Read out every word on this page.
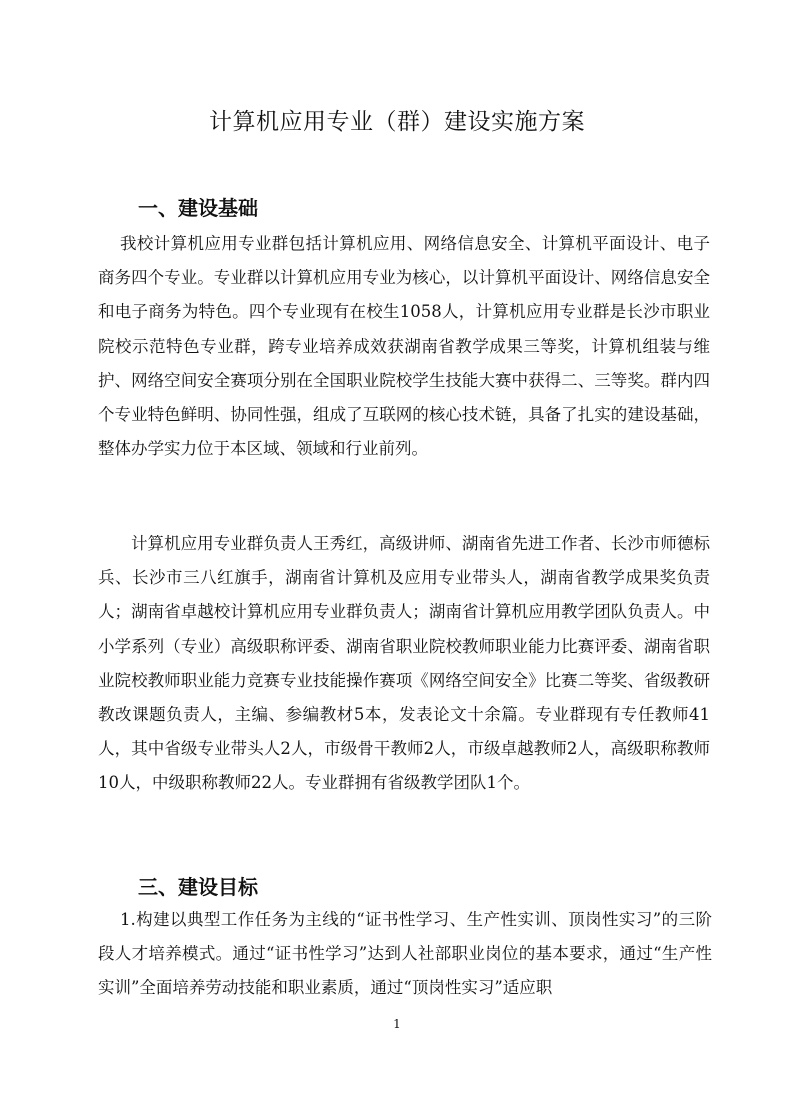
计算机应用专业（群）建设实施方案
一、建设基础

我校计算机应用专业群包括计算机应用、网络信息安全、计算机平面设计、电子商务四个专业。专业群以计算机应用专业为核心，以计算机平面设计、网络信息安全和电子商务为特色。四个专业现有在校生1058人，计算机应用专业群是长沙市职业院校示范特色专业群，跨专业培养成效获湖南省教学成果三等奖，计算机组装与维护、网络空间安全赛项分别在全国职业院校学生技能大赛中获得二、三等奖。群内四个专业特色鲜明、协同性强，组成了互联网的核心技术链，具备了扎实的建设基础，整体办学实力位于本区域、领域和行业前列。

计算机应用专业群负责人王秀红，高级讲师、湖南省先进工作者、长沙市师德标兵、长沙市三八红旗手，湖南省计算机及应用专业带头人，湖南省教学成果奖负责人；湖南省卓越校计算机应用专业群负责人；湖南省计算机应用教学团队负责人。中小学系列（专业）高级职称评委、湖南省职业院校教师职业能力比赛评委、湖南省职业院校教师职业能力竞赛专业技能操作赛项《网络空间安全》比赛二等奖、省级教研教改课题负责人，主编、参编教材5本，发表论文十余篇。专业群现有专任教师41人，其中省级专业带头人2人，市级骨干教师2人，市级卓越教师2人，高级职称教师10人，中级职称教师22人。专业群拥有省级教学团队1个。

三、建设目标

1.构建以典型工作任务为主线的“证书性学习、生产性实训、顶岗性实习”的三阶段人才培养模式。通过“证书性学习”达到人社部职业岗位的基本要求，通过“生产性实训”全面培养劳动技能和职业素质，通过“顶岗性实习”适应职

1
